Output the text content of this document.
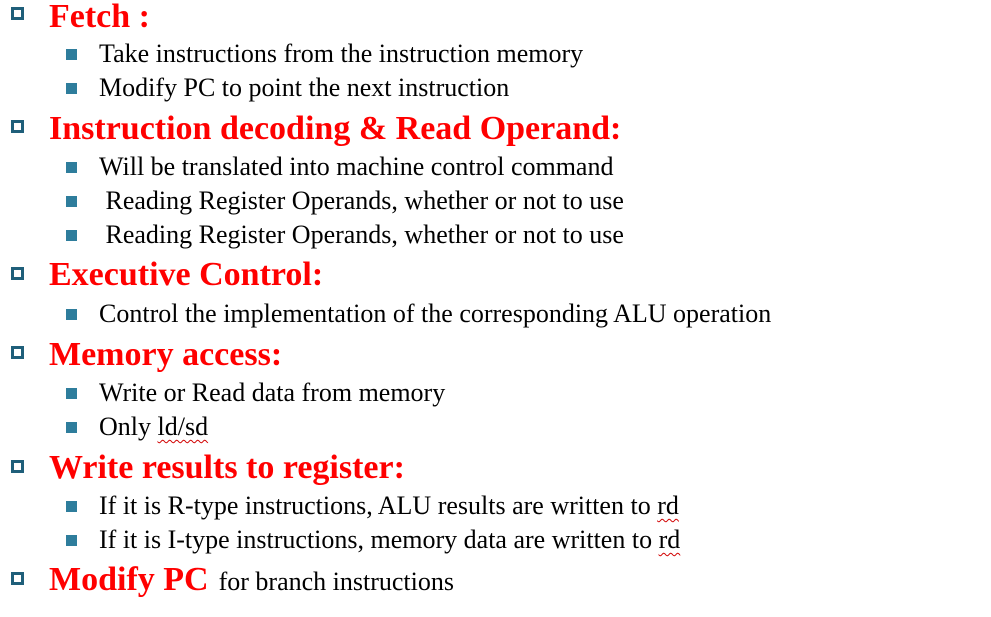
Fetch :
Take instructions from the instruction memory
Modify PC to point the next instruction
Instruction decoding & Read Operand:
Will be translated into machine control command
Reading Register Operands, whether or not to use
Reading Register Operands, whether or not to use
Executive Control:
Control the implementation of the corresponding ALU operation
Memory access:
Write or Read data from memory
Only ld/sd
Write results to register:
If it is R-type instructions, ALU results are written to rd
If it is I-type instructions, memory data are written to rd
Modify PC for branch instructions
